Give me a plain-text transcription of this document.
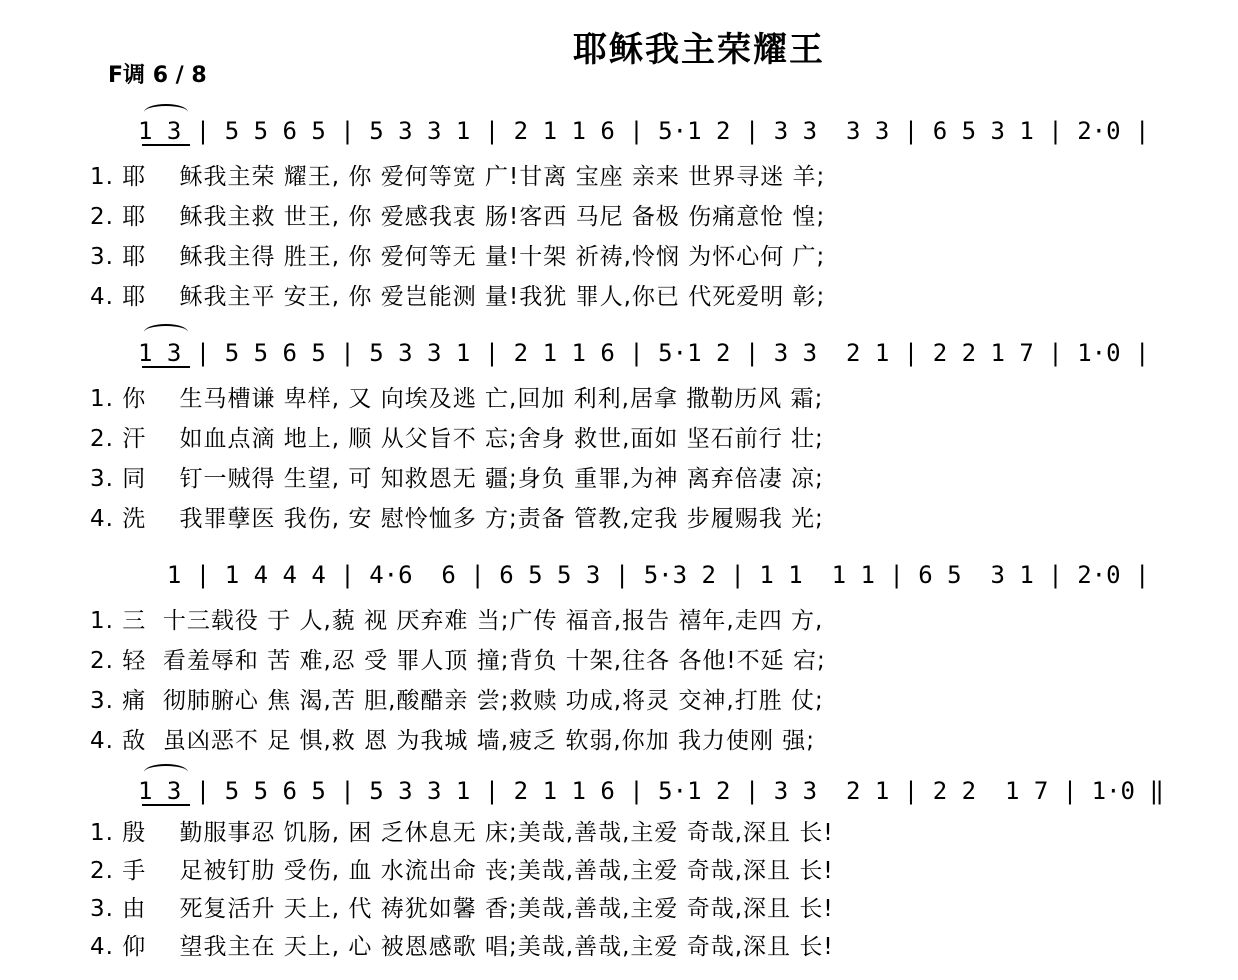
耶稣我主荣耀王
F调 6 / 8
1 3 | 5 5 6 5 | 5 3 3 1 | 2 1 1 6 | 5·1 2 | 3 3  3 3 | 6 5 3 1 | 2·0 |
1. 耶    稣我主荣 耀王, 你 爱何等宽 广!甘离 宝座 亲来 世界寻迷 羊;
2. 耶    稣我主救 世王, 你 爱感我衷 肠!客西 马尼 备极 伤痛意怆 惶;
3. 耶    稣我主得 胜王, 你 爱何等无 量!十架 祈祷,怜悯 为怀心何 广;
4. 耶    稣我主平 安王, 你 爱岂能测 量!我犹 罪人,你已 代死爱明 彰;
1 3 | 5 5 6 5 | 5 3 3 1 | 2 1 1 6 | 5·1 2 | 3 3  2 1 | 2 2 1 7 | 1·0 |
1. 你    生马槽谦 卑样, 又 向埃及逃 亡,回加 利利,居拿 撒勒历风 霜;
2. 汗    如血点滴 地上, 顺 从父旨不 忘;舍身 救世,面如 坚石前行 壮;
3. 同    钉一贼得 生望, 可 知救恩无 疆;身负 重罪,为神 离弃倍凄 凉;
4. 洗    我罪孽医 我伤, 安 慰怜恤多 方;责备 管教,定我 步履赐我 光;
1 | 1 4 4 4 | 4·6  6 | 6 5 5 3 | 5·3 2 | 1 1  1 1 | 6 5  3 1 | 2·0 |
1. 三  十三载役 于 人,藐 视 厌弃难 当;广传 福音,报告 禧年,走四 方,
2. 轻  看羞辱和 苦 难,忍 受 罪人顶 撞;背负 十架,往各 各他!不延 宕;
3. 痛  彻肺腑心 焦 渴,苦 胆,酸醋亲 尝;救赎 功成,将灵 交神,打胜 仗;
4. 敌  虽凶恶不 足 惧,救 恩 为我城 墙,疲乏 软弱,你加 我力使刚 强;
1 3 | 5 5 6 5 | 5 3 3 1 | 2 1 1 6 | 5·1 2 | 3 3  2 1 | 2 2  1 7 | 1·0 ‖
1. 殷    勤服事忍 饥肠, 困 乏休息无 床;美哉,善哉,主爱 奇哉,深且 长!
2. 手    足被钉肋 受伤, 血 水流出命 丧;美哉,善哉,主爱 奇哉,深且 长!
3. 由    死复活升 天上, 代 祷犹如馨 香;美哉,善哉,主爱 奇哉,深且 长!
4. 仰    望我主在 天上, 心 被恩感歌 唱;美哉,善哉,主爱 奇哉,深且 长!
